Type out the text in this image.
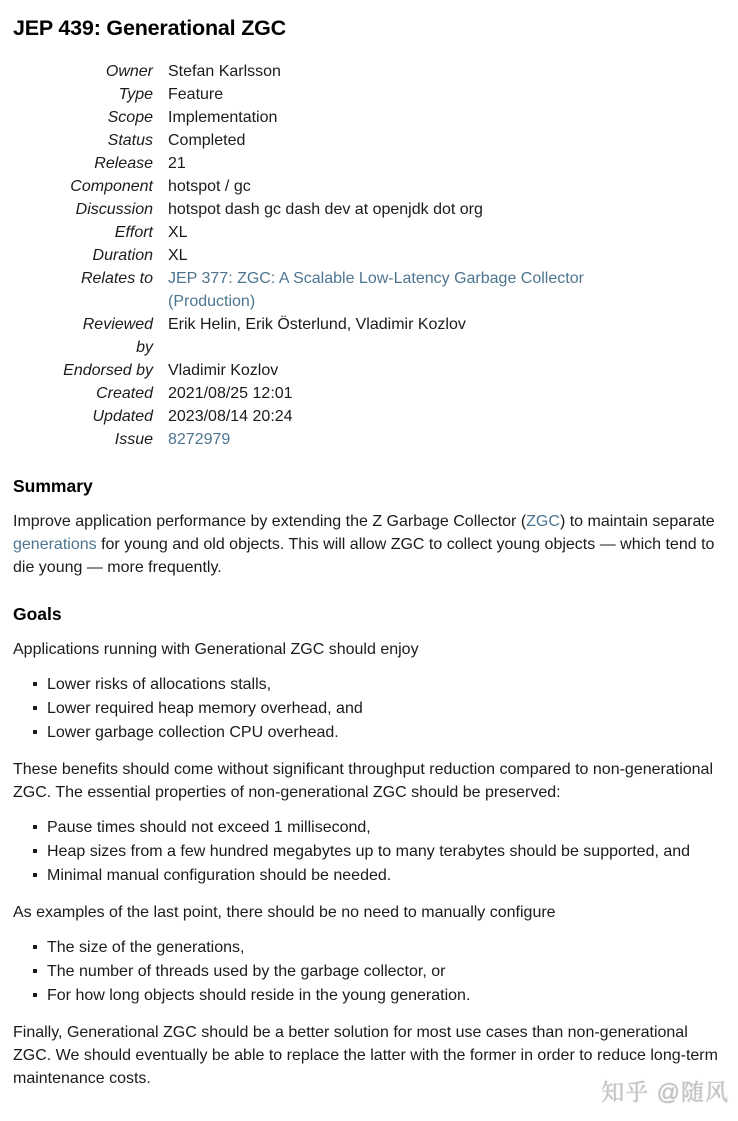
JEP 439: Generational ZGC
Owner	Stefan Karlsson
Type	Feature
Scope	Implementation
Status	Completed
Release	21
Component	hotspot / gc
Discussion	hotspot dash gc dash dev at openjdk dot org
Effort	XL
Duration	XL
Relates to	JEP 377: ZGC: A Scalable Low-Latency Garbage Collector (Production)
Reviewed by	Erik Helin, Erik Österlund, Vladimir Kozlov
Endorsed by	Vladimir Kozlov
Created	2021/08/25 12:01
Updated	2023/08/14 20:24
Issue	8272979
Summary

Improve application performance by extending the Z Garbage Collector (ZGC) to maintain separate generations for young and old objects. This will allow ZGC to collect young objects — which tend to die young — more frequently.

Goals

Applications running with Generational ZGC should enjoy

Lower risks of allocations stalls,
Lower required heap memory overhead, and
Lower garbage collection CPU overhead.

These benefits should come without significant throughput reduction compared to non-generational ZGC. The essential properties of non-generational ZGC should be preserved:

Pause times should not exceed 1 millisecond,
Heap sizes from a few hundred megabytes up to many terabytes should be supported, and
Minimal manual configuration should be needed.

As examples of the last point, there should be no need to manually configure

The size of the generations,
The number of threads used by the garbage collector, or
For how long objects should reside in the young generation.

Finally, Generational ZGC should be a better solution for most use cases than non-generational ZGC. We should eventually be able to replace the latter with the former in order to reduce long-term maintenance costs.

知乎 @随风
